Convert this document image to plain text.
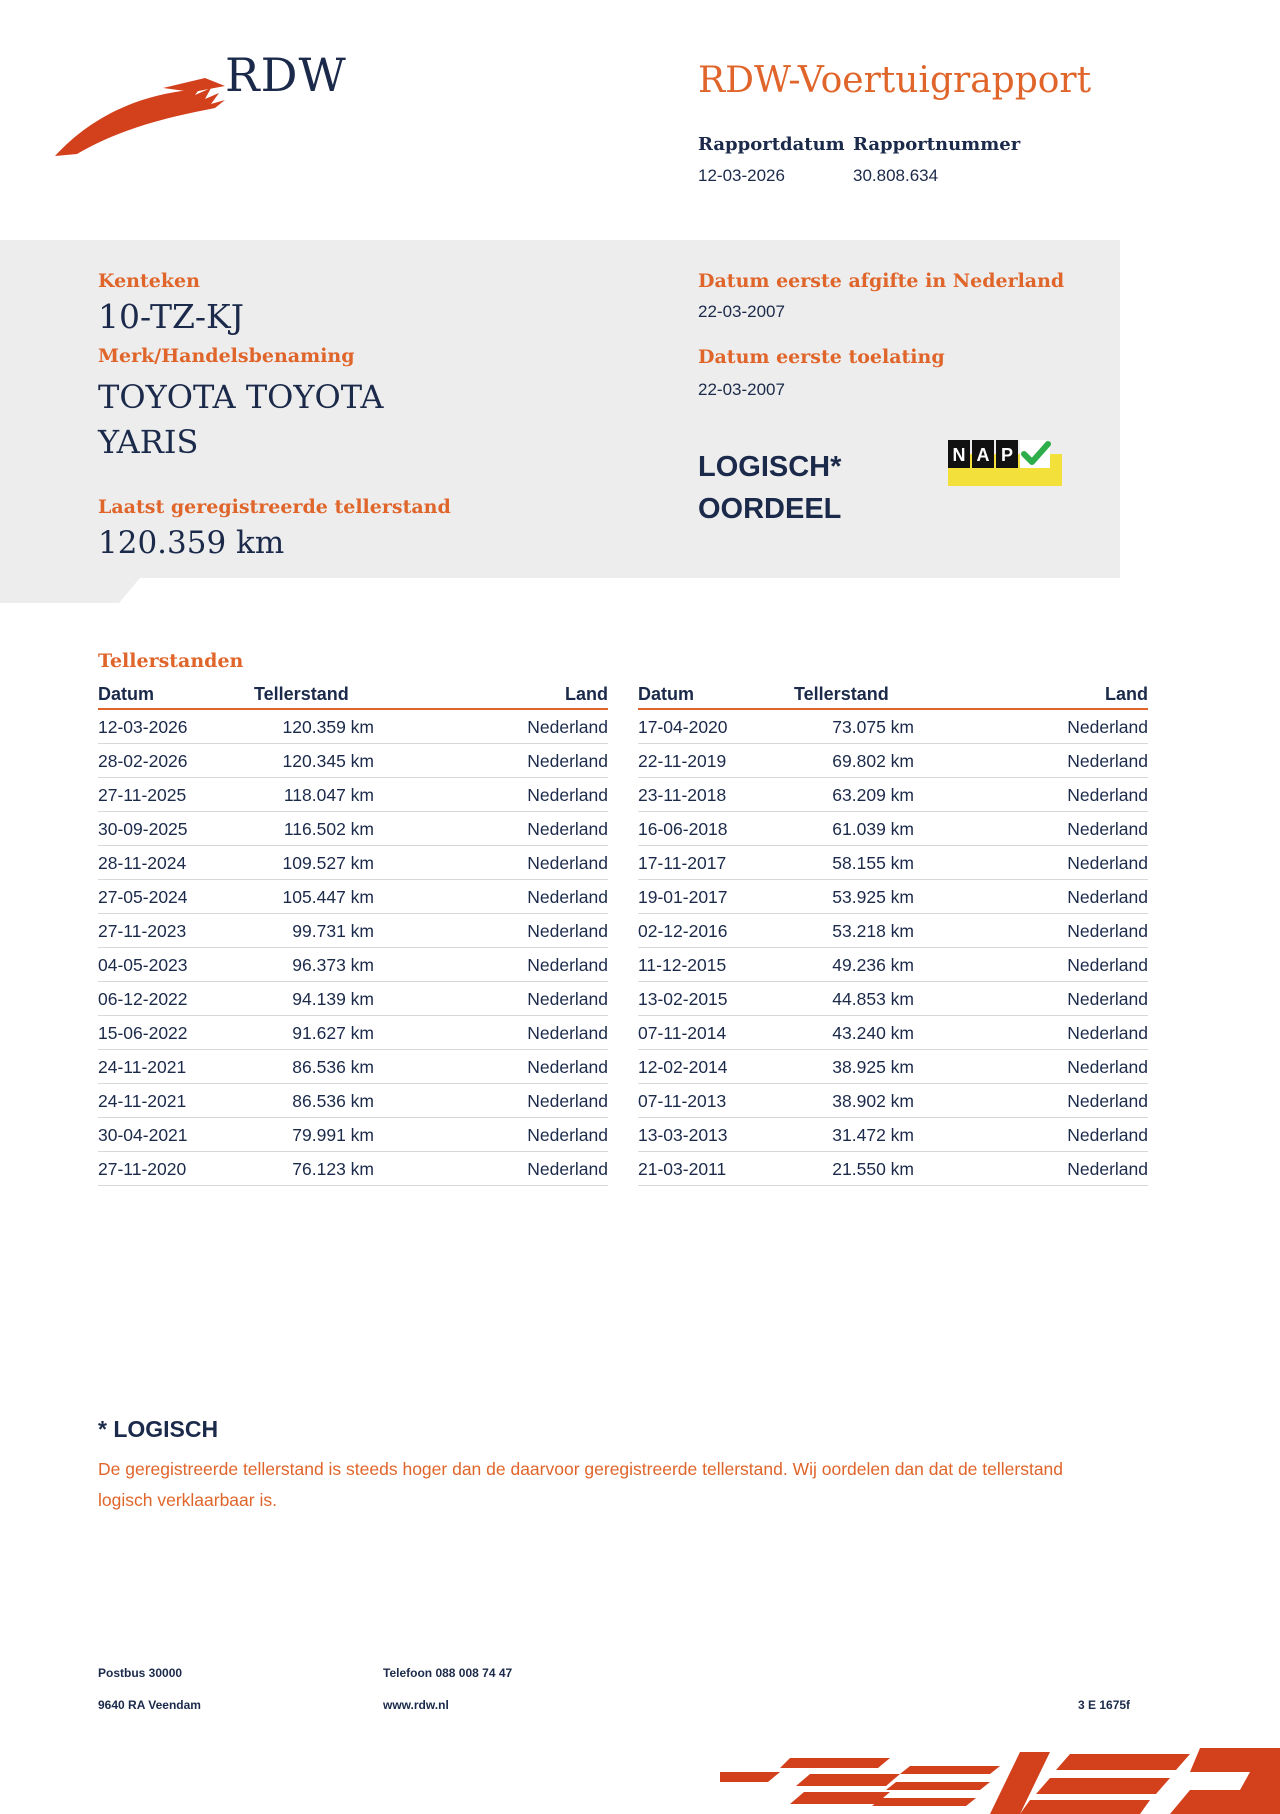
RDW	RDW-Voertuigrapport
Rapportdatum
12-03-2026
Rapportnummer
30.808.634
Kenteken
10-TZ-KJ
Merk/Handelsbenaming
TOYOTA TOYOTA
YARIS
Laatst geregistreerde tellerstand
120.359 km
Datum eerste afgifte in Nederland
22-03-2007
Datum eerste toelating
22-03-2007
LOGISCH*
OORDEEL
N A P
Tellerstanden
Datum	Tellerstand	Land
12-03-2026	120.359 km	Nederland
28-02-2026	120.345 km	Nederland
27-11-2025	118.047 km	Nederland
30-09-2025	116.502 km	Nederland
28-11-2024	109.527 km	Nederland
27-05-2024	105.447 km	Nederland
27-11-2023	99.731 km	Nederland
04-05-2023	96.373 km	Nederland
06-12-2022	94.139 km	Nederland
15-06-2022	91.627 km	Nederland
24-11-2021	86.536 km	Nederland
24-11-2021	86.536 km	Nederland
30-04-2021	79.991 km	Nederland
27-11-2020	76.123 km	Nederland
Datum	Tellerstand	Land
17-04-2020	73.075 km	Nederland
22-11-2019	69.802 km	Nederland
23-11-2018	63.209 km	Nederland
16-06-2018	61.039 km	Nederland
17-11-2017	58.155 km	Nederland
19-01-2017	53.925 km	Nederland
02-12-2016	53.218 km	Nederland
11-12-2015	49.236 km	Nederland
13-02-2015	44.853 km	Nederland
07-11-2014	43.240 km	Nederland
12-02-2014	38.925 km	Nederland
07-11-2013	38.902 km	Nederland
13-03-2013	31.472 km	Nederland
21-03-2011	21.550 km	Nederland
* LOGISCH
De geregistreerde tellerstand is steeds hoger dan de daarvoor geregistreerde tellerstand. Wij oordelen dan dat de tellerstand logisch verklaarbaar is.
Postbus 30000
9640 RA Veendam
Telefoon 088 008 74 47
www.rdw.nl	3 E 1675f
